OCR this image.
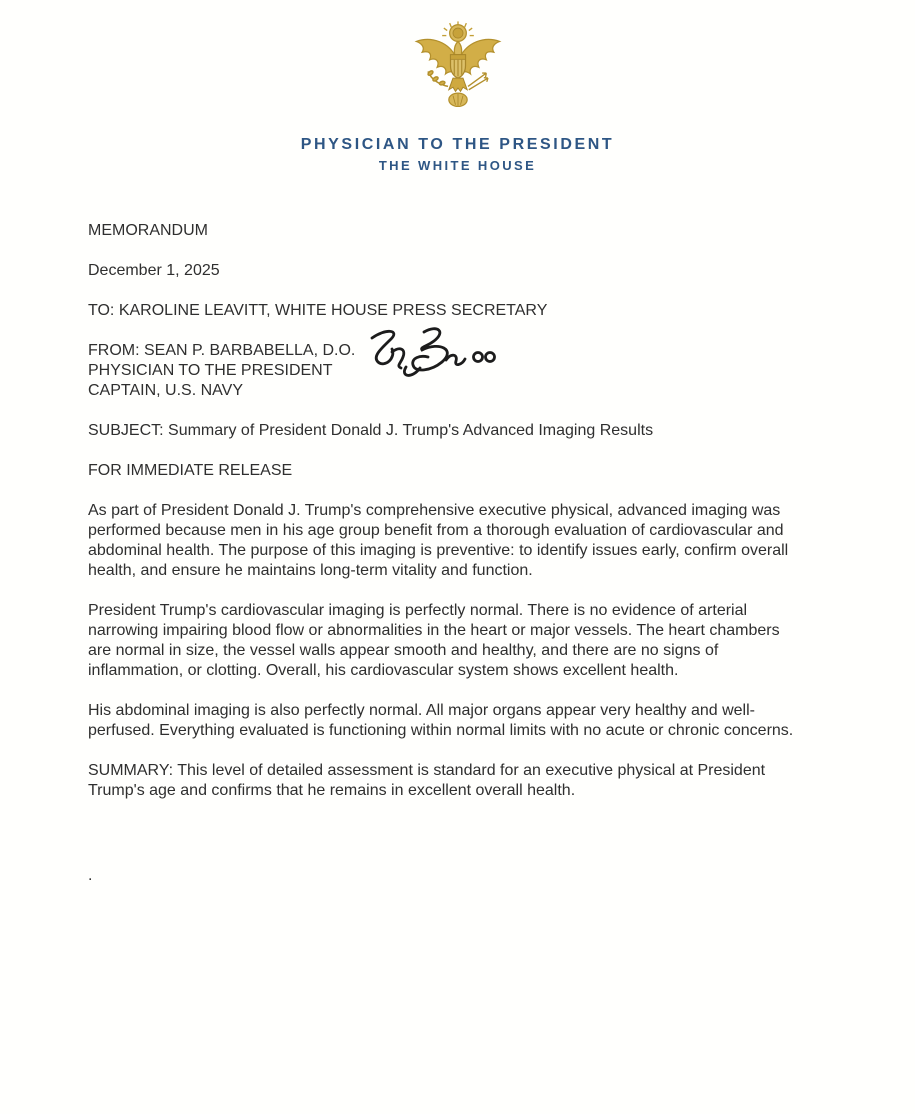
PHYSICIAN TO THE PRESIDENT
THE WHITE HOUSE

MEMORANDUM

December 1, 2025

TO: KAROLINE LEAVITT, WHITE HOUSE PRESS SECRETARY

FROM: SEAN P. BARBABELLA, D.O.
PHYSICIAN TO THE PRESIDENT
CAPTAIN, U.S. NAVY

SUBJECT: Summary of President Donald J. Trump's Advanced Imaging Results

FOR IMMEDIATE RELEASE

As part of President Donald J. Trump's comprehensive executive physical, advanced imaging was performed because men in his age group benefit from a thorough evaluation of cardiovascular and abdominal health. The purpose of this imaging is preventive: to identify issues early, confirm overall health, and ensure he maintains long-term vitality and function.

President Trump's cardiovascular imaging is perfectly normal. There is no evidence of arterial narrowing impairing blood flow or abnormalities in the heart or major vessels. The heart chambers are normal in size, the vessel walls appear smooth and healthy, and there are no signs of inflammation, or clotting. Overall, his cardiovascular system shows excellent health.

His abdominal imaging is also perfectly normal. All major organs appear very healthy and well-perfused. Everything evaluated is functioning within normal limits with no acute or chronic concerns.

SUMMARY: This level of detailed assessment is standard for an executive physical at President Trump's age and confirms that he remains in excellent overall health.

.
